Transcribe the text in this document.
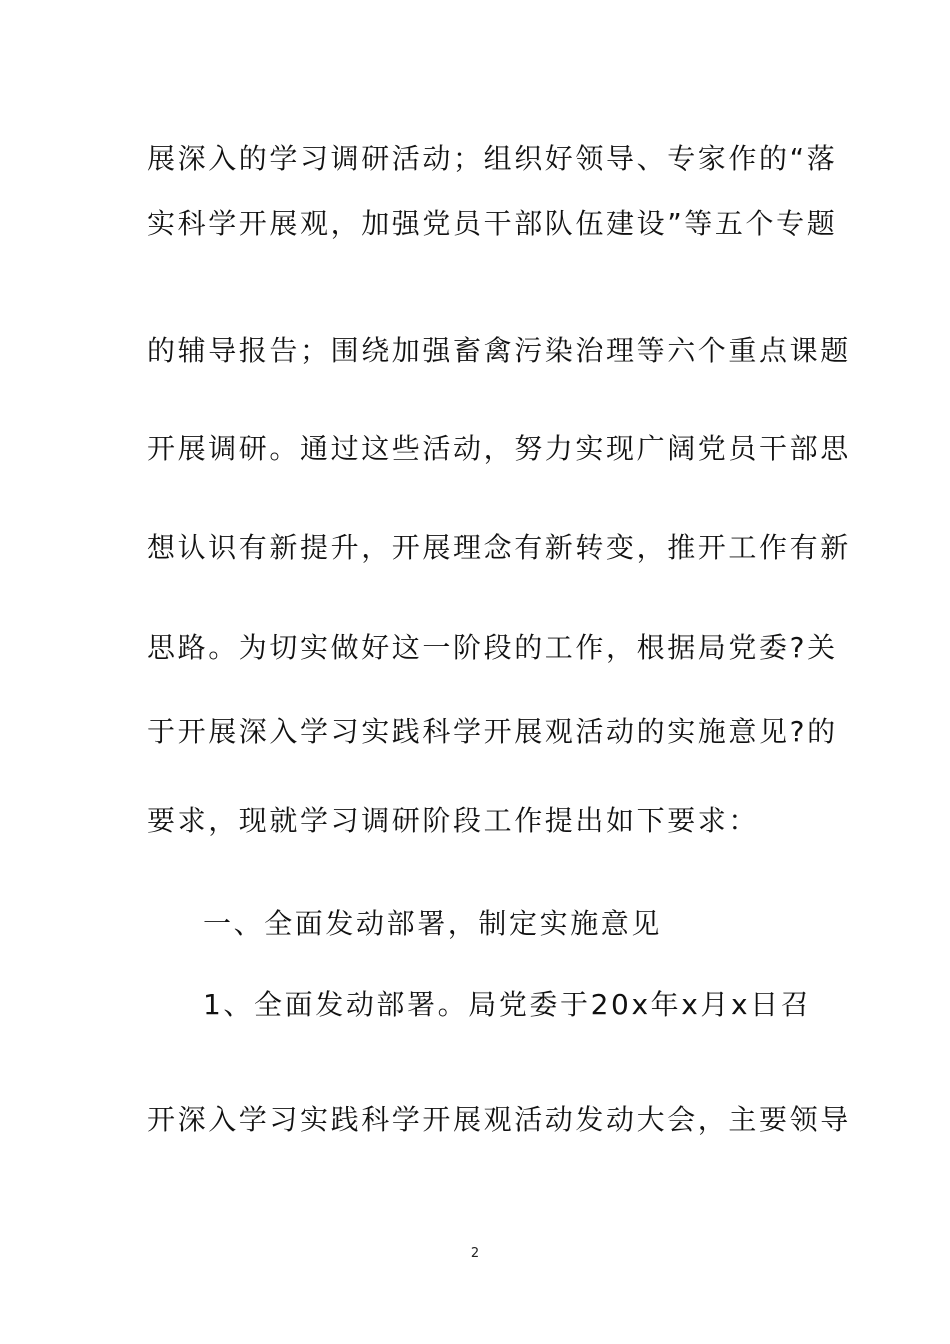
展深入的学习调研活动；组织好领导、专家作的“落
实科学开展观，加强党员干部队伍建设”等五个专题
的辅导报告；围绕加强畜禽污染治理等六个重点课题
开展调研。通过这些活动，努力实现广阔党员干部思
想认识有新提升，开展理念有新转变，推开工作有新
思路。为切实做好这一阶段的工作，根据局党委?关
于开展深入学习实践科学开展观活动的实施意见?的
要求，现就学习调研阶段工作提出如下要求：
一、全面发动部署，制定实施意见
1、全面发动部署。局党委于20x年x月x日召
开深入学习实践科学开展观活动发动大会，主要领导
2
